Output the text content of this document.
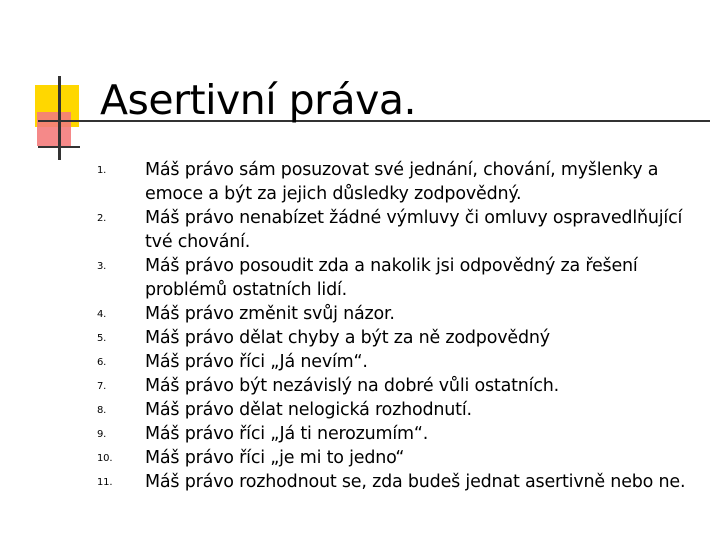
Asertivní práva.
1. Máš právo sám posuzovat své jednání, chování, myšlenky a emoce a být za jejich důsledky zodpovědný.
2. Máš právo nenabízet žádné výmluvy či omluvy ospravedlňující tvé chování.
3. Máš právo posoudit zda a nakolik jsi odpovědný za řešení problémů ostatních lidí.
4. Máš právo změnit svůj názor.
5. Máš právo dělat chyby a být za ně zodpovědný
6. Máš právo říci „Já nevím“.
7. Máš právo být nezávislý na dobré vůli ostatních.
8. Máš právo dělat nelogická rozhodnutí.
9. Máš právo říci „Já ti nerozumím“.
10. Máš právo říci „je mi to jedno“
11. Máš právo rozhodnout se, zda budeš jednat asertivně nebo ne.
